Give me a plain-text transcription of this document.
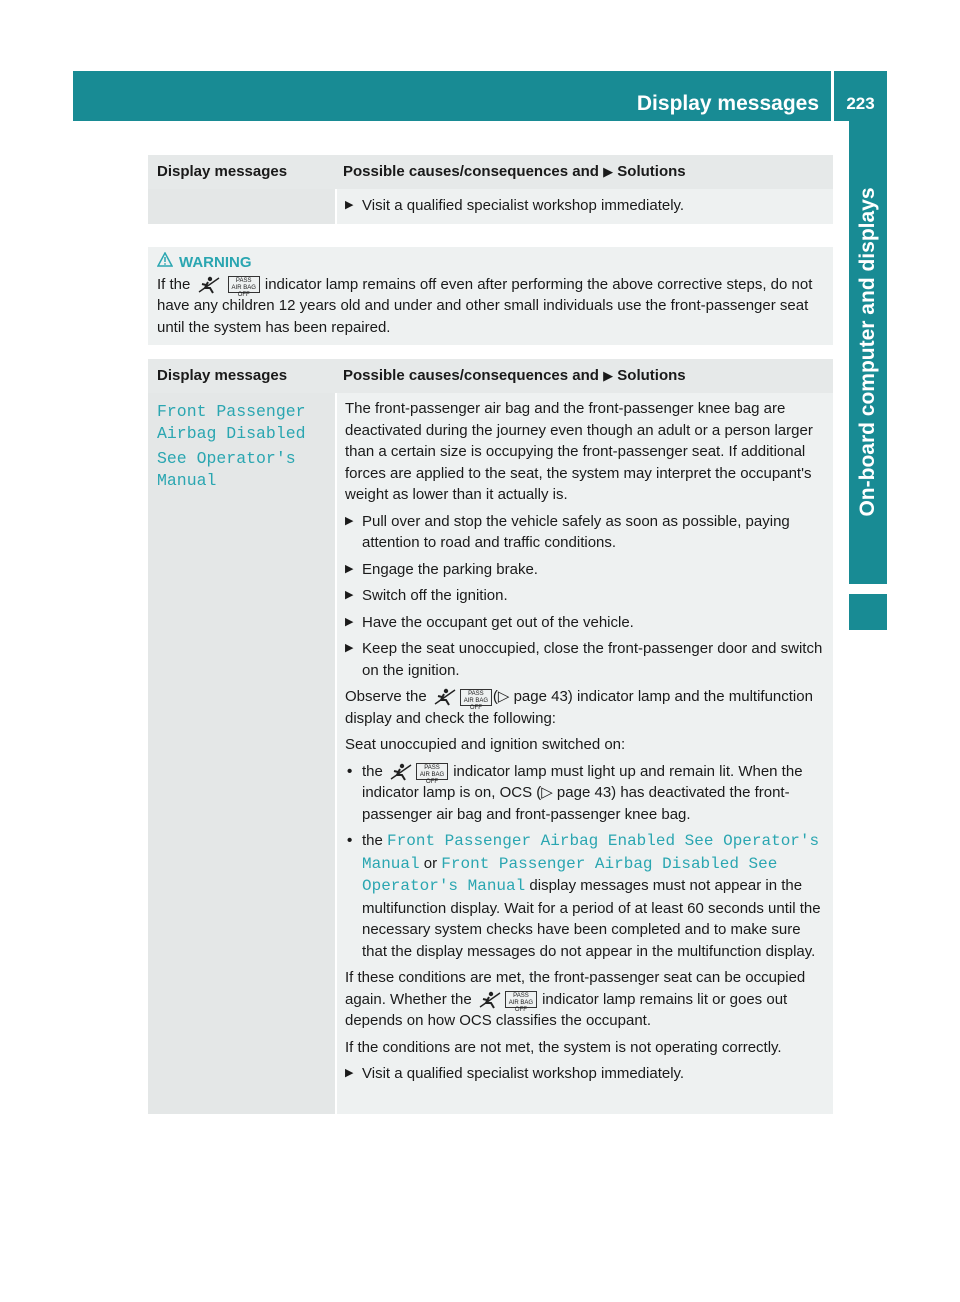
Display messages	223
On-board computer and displays
Display messages	Possible causes/consequences and ▶ Solutions
▶ Visit a qualified specialist workshop immediately.
WARNING
If the	PASS
AIR BAG OFF indicator lamp remains off even after performing the above corrective steps, do not have any children 12 years old and under and other small individuals use the front-passenger seat until the system has been repaired.
Display messages	Possible causes/consequences and ▶ Solutions
Front Passenger
Airbag Disabled
See Operator's
Manual

The front-passenger air bag and the front-passenger knee bag are deactivated during the journey even though an adult or a person larger than a certain size is occupying the front-passenger seat. If additional forces are applied to the seat, the system may interpret the occupant's weight as lower than it actually is.

▶ Pull over and stop the vehicle safely as soon as possible, paying attention to road and traffic conditions.
▶ Engage the parking brake.
▶ Switch off the ignition.
▶ Have the occupant get out of the vehicle.
▶ Keep the seat unoccupied, close the front-passenger door and switch on the ignition.

Observe the	PASS
AIR BAG OFF(▷ page 43) indicator lamp and the multifunction display and check the following:

Seat unoccupied and ignition switched on:

• the	PASS
AIR BAG OFF indicator lamp must light up and remain lit. When the indicator lamp is on, OCS (▷ page 43) has deactivated the front-passenger air bag and front-passenger knee bag.
• the Front Passenger Airbag Enabled See Operator's Manual or Front Passenger Airbag Disabled See Operator's Manual display messages must not appear in the multifunction display. Wait for a period of at least 60 seconds until the necessary system checks have been completed and to make sure that the display messages do not appear in the multifunction display.

If these conditions are met, the front-passenger seat can be occupied again. Whether the	PASS
AIR BAG OFF indicator lamp remains lit or goes out depends on how OCS classifies the occupant.

If the conditions are not met, the system is not operating correctly.

▶ Visit a qualified specialist workshop immediately.
